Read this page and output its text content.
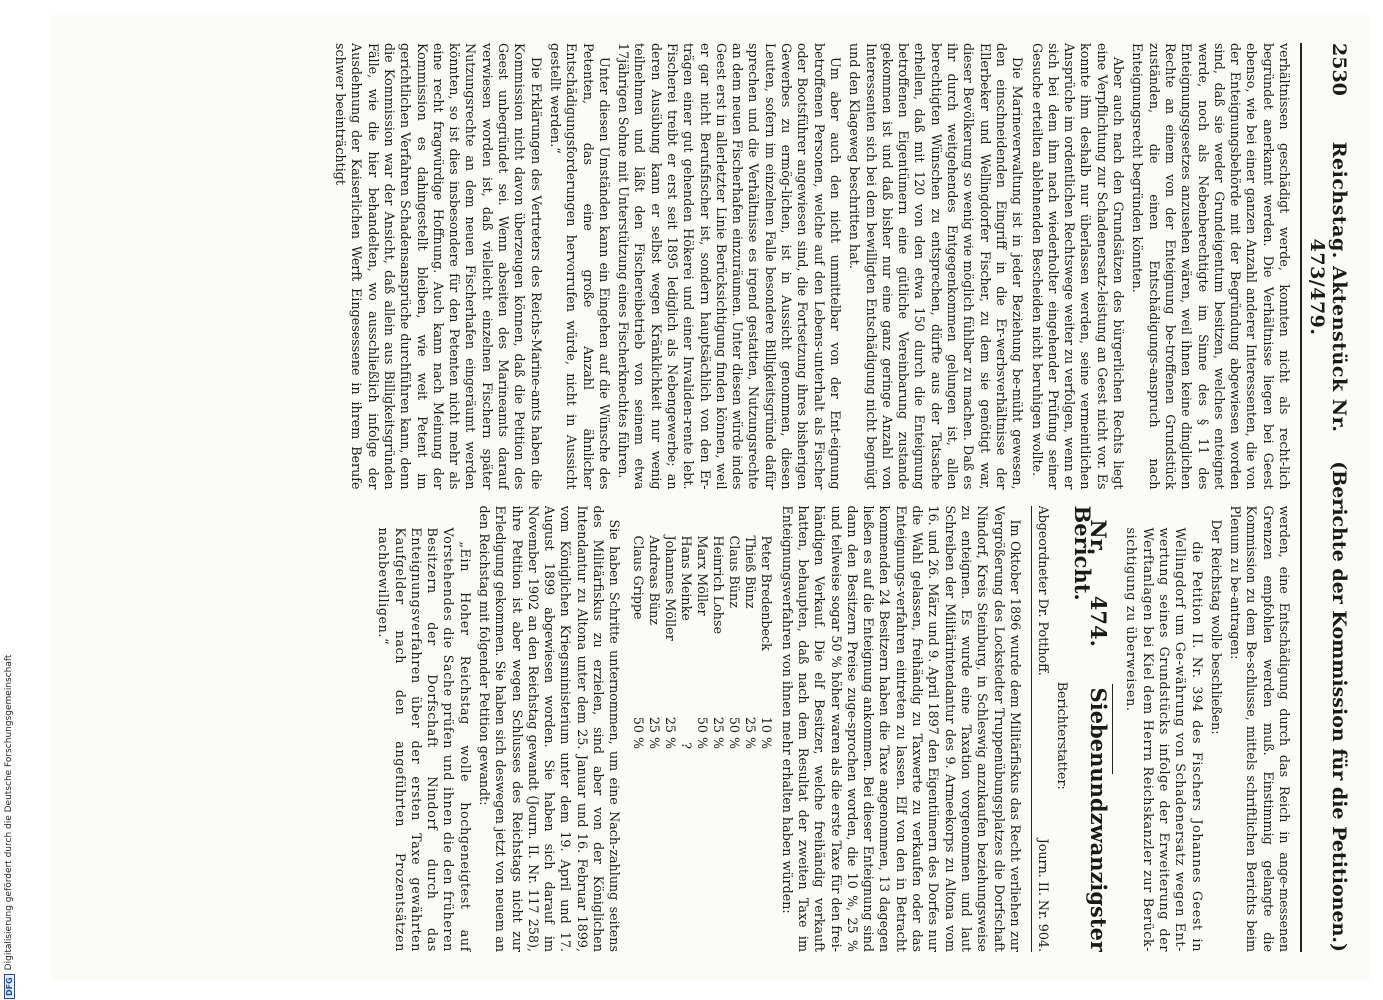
DFG
Digitalisierung gefördert durch die Deutsche Forschungsgemeinschaft
2530
Reichstag. Aktenstück Nr. 473/479.
(Berichte der Kommission für die Petitionen.)

verhältnissen geschädigt werde, konnten nicht als recht-lich begründet anerkannt werden. Die Verhältnisse liegen bei Geest ebenso, wie bei einer ganzen Anzahl anderer Interessenten, die von der Enteignungsbehörde mit der Begründung abgewiesen worden sind, daß sie weder Grundeigentum besitzen, welches enteignet werde, noch als Nebenberechtigte im Sinne des § 11 des Enteignungsgesetzes anzusehen wären, weil ihnen keine dinglichen Rechte an einem von der Enteignung be-troffenen Grundstück zuständen, die einen Entschädigungs-anspruch nach Enteignungsrecht begründen könnten.

Aber auch nach den Grundsätzen des bürgerlichen Rechts liegt eine Verpflichtung zur Schadenersatz-leistung an Geest nicht vor. Es konnte ihm deshalb nur überlassen werden, seine vermeintlichen Ansprüche im ordentlichen Rechtswege weiter zu verfolgen, wenn er sich bei dem ihm nach wiederholter eingehender Prüfung seiner Gesuche erteilten ablehnenden Bescheiden nicht beruhigen wollte.

Die Marineverwaltung ist in jeder Beziehung be-müht gewesen, den einschneidenden Eingriff in die Er-werbsverhältnisse der Ellerbeker und Wellingdorfer Fischer, zu dem sie genötigt war, dieser Bevölkerung so wenig wie möglich fühlbar zu machen. Daß es ihr durch weitgehendes Entgegenkommen gelungen ist, allen berechtigten Wünschen zu entsprechen, dürfte aus der Tatsache erhellen, daß mit 120 von den etwa 150 durch die Enteignung betroffenen Eigentümern eine gütliche Vereinbarung zustande gekommen ist und daß bisher nur eine ganz geringe Anzahl von Interessenten sich bei dem bewilligten Entschädigung nicht begnügt und den Klageweg beschritten hat.

Um aber auch den nicht unmittelbar von der Ent-eignung betroffenen Personen, welche auf den Lebens-unterhalt als Fischer oder Bootsführer angewiesen sind, die Fortsetzung ihres bisherigen Gewerbes zu ermög-lichen, ist in Aussicht genommen, diesen Leuten, sofern im einzelnen Falle besondere Billigkeitsgründe dafür sprechen und die Verhältnisse es irgend gestatten, Nutzungsrechte an dem neuen Fischerhafen einzuräumen. Unter diesen würde indes Geest erst in allerletzter Linie Berücksichtigung finden können, weil er gar nicht Berufsfischer ist, sondern hauptsächlich von den Er-trägen einer gut gehenden Hökerei und einer Invaliden-rente lebt. Fischerei treibt er erst seit 1895 lediglich als Nebengewerbe; an deren Ausübung kann er selbst wegen Kränklichkeit nur wenig teilnehmen und läßt den Fischereibetrieb von seinem etwa 17jährigen Sohne mit Unterstützung eines Fischerknechtes führen.

Unter diesen Umständen kann ein Eingehen auf die Wünsche des Petenten, das eine große Anzahl ähnlicher Entschädigungsforderungen hervorrufen würde, nicht in Aussicht gestellt werden.“

Die Erklärungen des Vertreters des Reichs-Marine-amts haben die Kommission nicht davon überzeugen können, daß die Petition des Geest unbegründet sei. Wenn abseiten des Marineamts darauf verwiesen worden ist, daß vielleicht einzelnen Fischern später Nutzungsrechte an dem neuen Fischerhafen eingeräumt werden könnten, so ist dies insbesondere für den Petenten nicht mehr als eine recht fragwürdige Hoffnung. Auch kann nach Meinung der Kommission es dahingestellt bleiben, wie weit Petent im gerichtlichen Verfahren Schadensansprüche durchführen kann, denn die Kommission war der Ansicht, daß allein aus Billigkeitsgründen Fälle, wie die hier behandelten, wo ausschließlich infolge der Ausdehnung der Kaiserlichen Werft Eingesessene in ihrem Berufe schwer beeinträchtigt

werden, eine Entschädigung durch das Reich in ange-messenen Grenzen empfohlen werden muß. Einstimmig gelangte die Kommission zu dem Be-schlusse, mittels schriftlichen Berichts beim Plenum zu be-antragen:

Der Reichstag wolle beschließen:

die Petition II. Nr. 394 des Fischers Johannes Geest in Wellingdorf um Ge-währung von Schadenersatz wegen Ent-wertung seines Grundstücks infolge der Erweiterung der Werftanlagen bei Kiel dem Herrn Reichskanzler zur Berück-sichtigung zu überweisen.

Nr. 474. Siebenundzwanzigster Bericht.

Berichterstatter:

Abgeordneter Dr. Potthoff.
Journ. II. Nr. 904.

Im Oktober 1896 wurde dem Militärfiskus das Recht verliehen zur Vergrößerung des Lockstedter Truppenübungsplatzes die Dorfschaft Nindorf, Kreis Steinburg, in Schleswig anzukaufen beziehungsweise zu enteignen. Es wurde eine Taxation vorgenommen und laut Schreiben der Militärintendantur des 9. Armeekorps zu Altona vom 16. und 26. März und 9. April 1897 den Eigentümern des Dorfes nur die Wahl gelassen, freihändig zu Taxwerte zu verkaufen oder das Enteignungs-verfahren eintreten zu lassen. Elf von den in Betracht kommenden 24 Besitzern haben die Taxe angenommen, 13 dagegen ließen es auf die Enteignung ankommen. Bei dieser Enteignung sind dann den Besitzern Preise zuge-sprochen worden, die 10 %, 25 % und teilweise sogar 50 % höher waren als die erste Taxe für den frei-händigen Verkauf. Die elf Besitzer, welche freihändig verkauft hatten, behaupten, daß nach dem Resultat der zweiten Taxe im Enteignungsverfahren von ihnen mehr erhalten haben würden:

Peter Bredenbeck	10 %
Thieß Bünz	25 %
Claus Bünz	50 %
Heinrich Lohse	25 %
Marx Möller	50 %
Hans Meinke	?
Johannes Möller	25 %
Andreas Bünz	25 %
Claus Grippe	50 %

Sie haben Schritte unternommen, um eine Nach-zahlung seitens des Militärfiskus zu erzielen, sind aber von der Königlichen Intendantur zu Altona unter dem 25. Januar und 16. Februar 1899, vom Königlichen Kriegsministerium unter dem 19. April und 17. August 1899 abgewiesen worden. Sie haben sich darauf im November 1902 an den Reichstag gewandt (Journ. II. Nr. 117 258), ihre Petition ist aber wegen Schlusses des Reichstags nicht zur Erledigung gekommen. Sie haben sich deswegen jetzt von neuem an den Reichstag mit folgender Petition gewandt:

„Ein Hoher Reichstag wolle hochgeneigtest auf Vorstehendes die Sache prüfen und ihnen die den früheren Besitzern der Dorfschaft Nindorf durch das Enteignungsverfahren über der ersten Taxe gewährten Kaufgelder nach den angeführten Prozentsätzen nachbewilligen.“
